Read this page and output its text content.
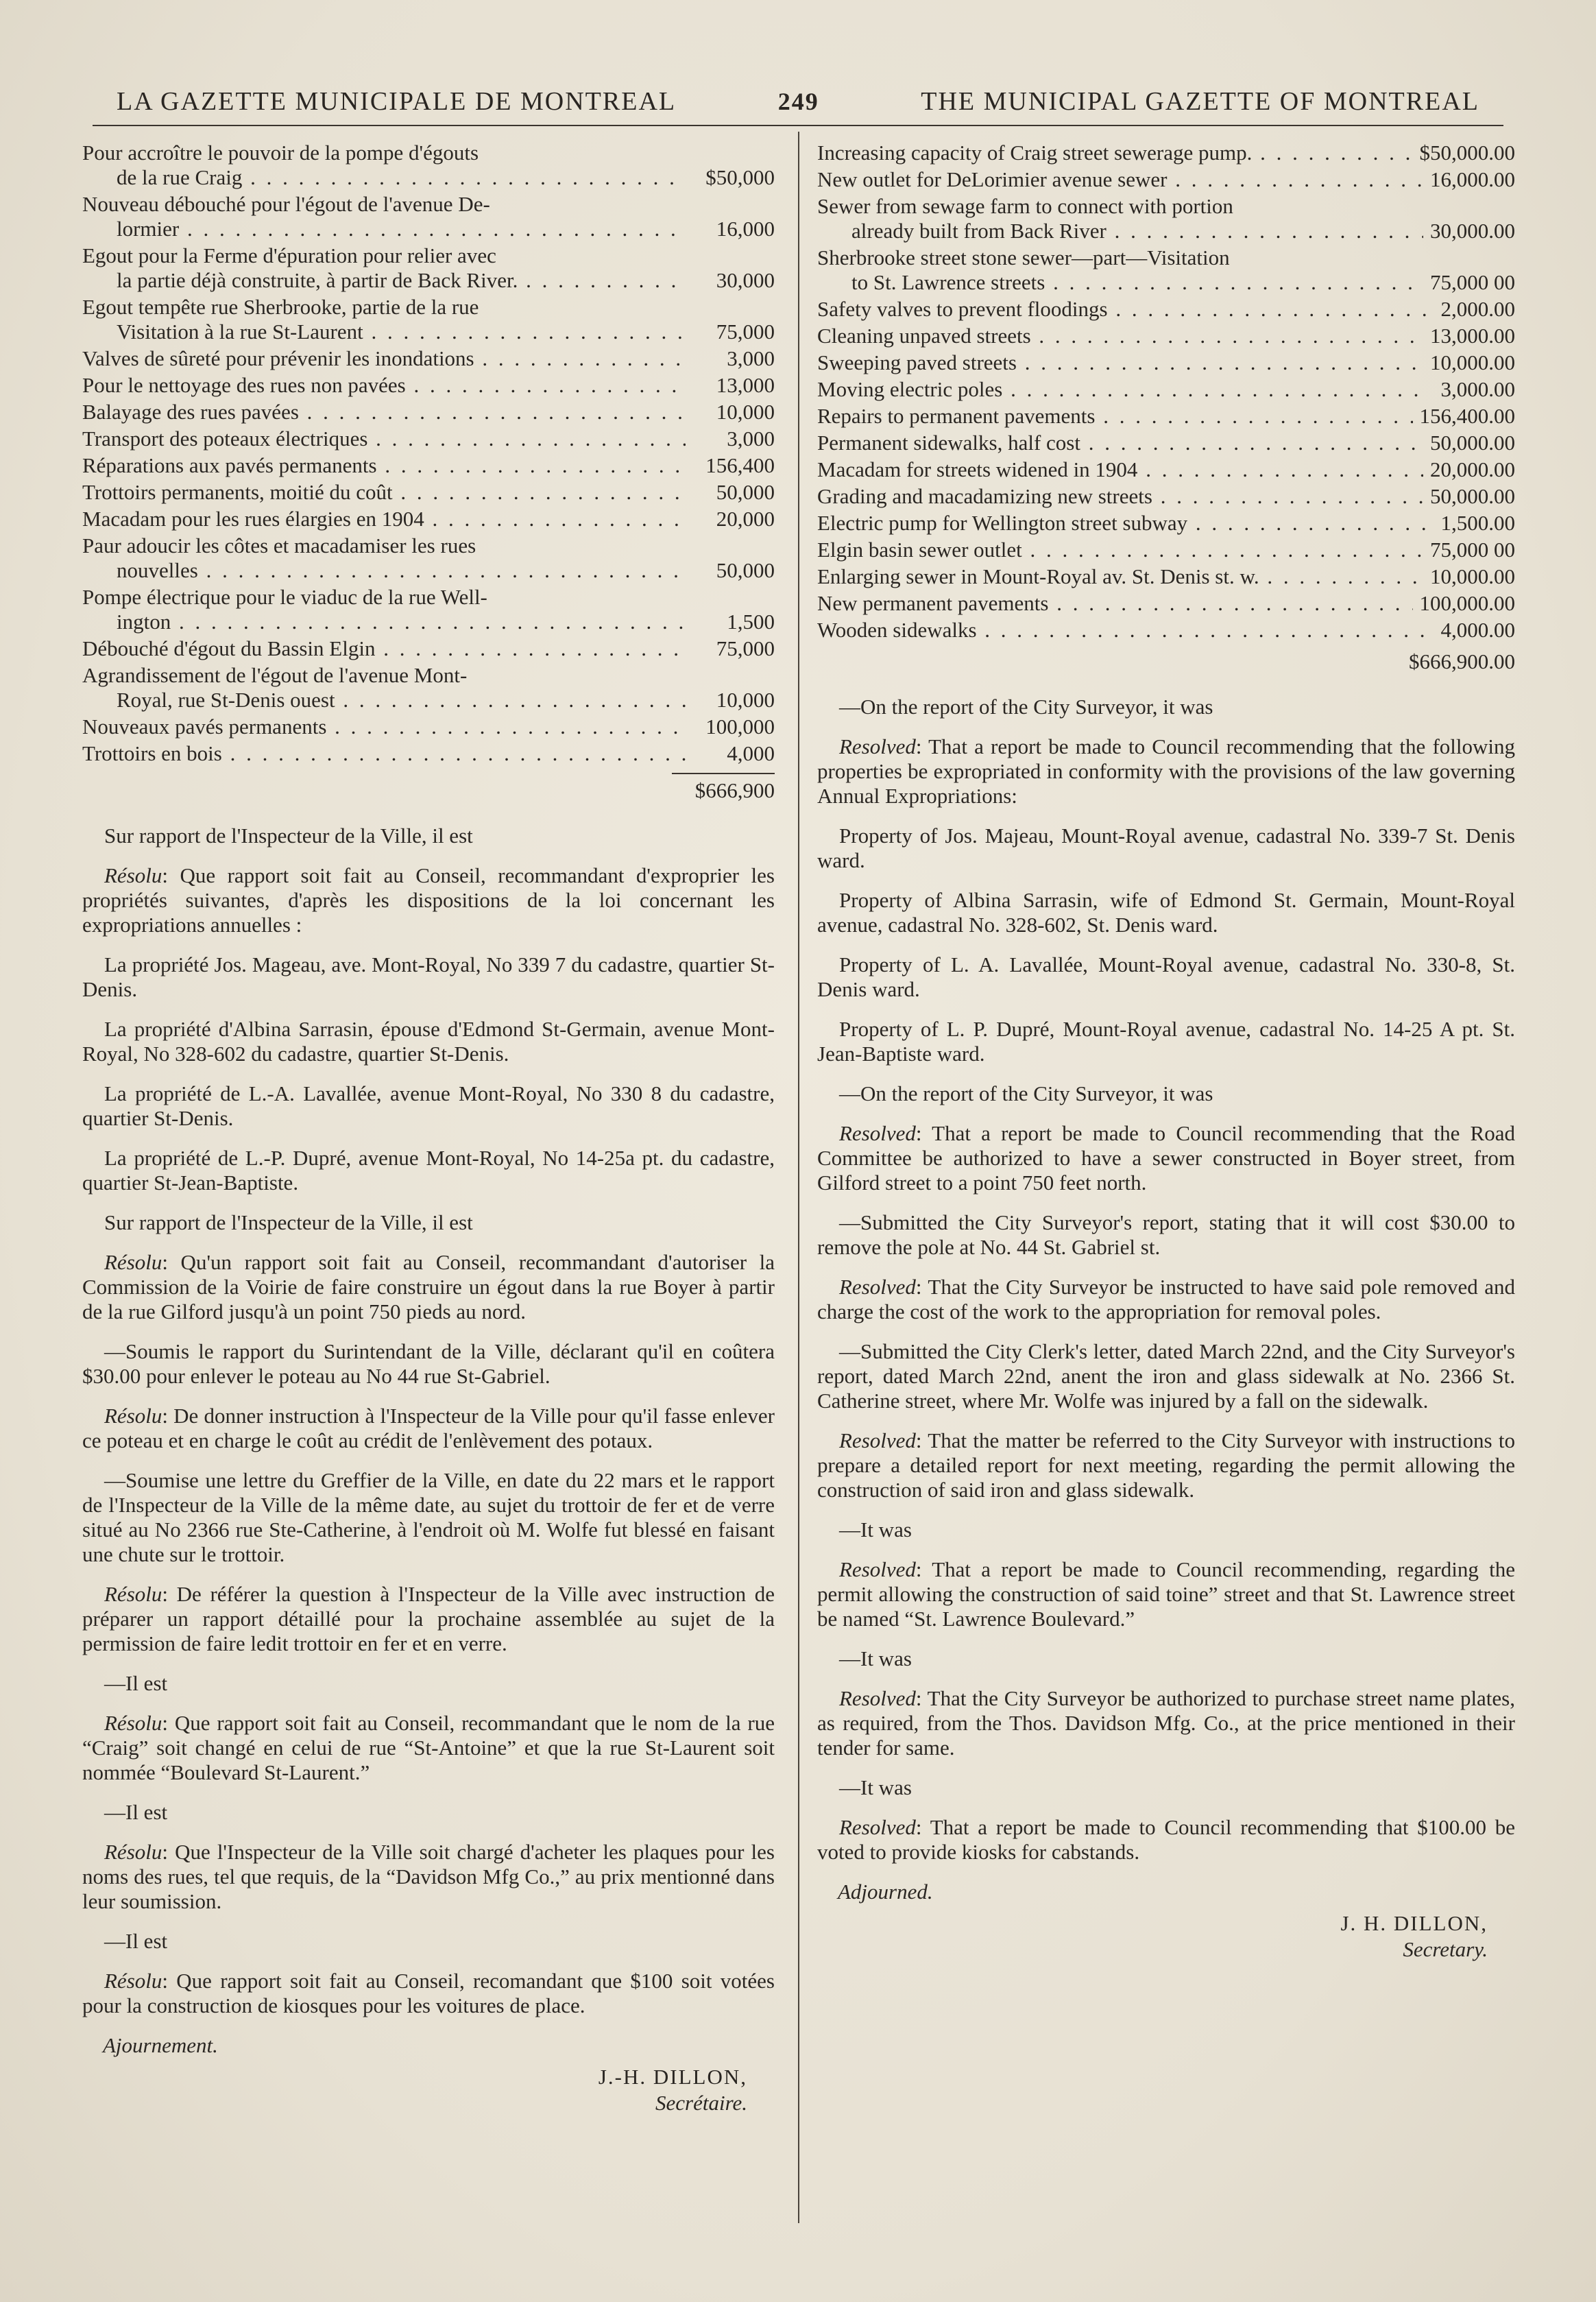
LA GAZETTE MUNICIPALE DE MONTREAL	249	THE MUNICIPAL GAZETTE OF MONTREAL
Pour accroître le pouvoir de la pompe d'égouts
de la rue Craig . . .	$50,000
Nouveau débouché pour l'égout de l'avenue De-
lormier . . .	16,000
Egout pour la Ferme d'épuration pour relier avec
la partie déjà construite, à partir de Back River. . . .	30,000
Egout tempête rue Sherbrooke, partie de la rue
Visitation à la rue St-Laurent . . .	75,000
Valves de sûreté pour prévenir les inondations . . .	3,000
Pour le nettoyage des rues non pavées . . .	13,000
Balayage des rues pavées . . .	10,000
Transport des poteaux électriques . . .	3,000
Réparations aux pavés permanents . . .	156,400
Trottoirs permanents, moitié du coût . . .	50,000
Macadam pour les rues élargies en 1904 . . .	20,000
Paur adoucir les côtes et macadamiser les rues
nouvelles . . .	50,000
Pompe électrique pour le viaduc de la rue Well-
ington . . .	1,500
Débouché d'égout du Bassin Elgin . . .	75,000
Agrandissement de l'égout de l'avenue Mont-
Royal, rue St-Denis ouest . . .	10,000
Nouveaux pavés permanents . . .	100,000
Trottoirs en bois . . .	4,000
$666,900

Sur rapport de l'Inspecteur de la Ville, il est

Résolu: Que rapport soit fait au Conseil, recommandant d'exproprier les propriétés suivantes, d'après les dispositions de la loi concernant les expropriations annuelles :

La propriété Jos. Mageau, ave. Mont-Royal, No 339 7 du cadastre, quartier St-Denis.

La propriété d'Albina Sarrasin, épouse d'Edmond St-Germain, avenue Mont-Royal, No 328-602 du cadastre, quartier St-Denis.

La propriété de L.-A. Lavallée, avenue Mont-Royal, No 330 8 du cadastre, quartier St-Denis.

La propriété de L.-P. Dupré, avenue Mont-Royal, No 14-25a pt. du cadastre, quartier St-Jean-Baptiste.

Sur rapport de l'Inspecteur de la Ville, il est

Résolu: Qu'un rapport soit fait au Conseil, recommandant d'autoriser la Commission de la Voirie de faire construire un égout dans la rue Boyer à partir de la rue Gilford jusqu'à un point 750 pieds au nord.

—Soumis le rapport du Surintendant de la Ville, déclarant qu'il en coûtera $30.00 pour enlever le poteau au No 44 rue St-Gabriel.

Résolu: De donner instruction à l'Inspecteur de la Ville pour qu'il fasse enlever ce poteau et en charge le coût au crédit de l'enlèvement des potaux.

—Soumise une lettre du Greffier de la Ville, en date du 22 mars et le rapport de l'Inspecteur de la Ville de la même date, au sujet du trottoir de fer et de verre situé au No 2366 rue Ste-Catherine, à l'endroit où M. Wolfe fut blessé en faisant une chute sur le trottoir.

Résolu: De référer la question à l'Inspecteur de la Ville avec instruction de préparer un rapport détaillé pour la prochaine assemblée au sujet de la permission de faire ledit trottoir en fer et en verre.

—Il est

Résolu: Que rapport soit fait au Conseil, recommandant que le nom de la rue “Craig” soit changé en celui de rue “St-Antoine” et que la rue St-Laurent soit nommée “Boulevard St-Laurent.”

—Il est

Résolu: Que l'Inspecteur de la Ville soit chargé d'acheter les plaques pour les noms des rues, tel que requis, de la “Davidson Mfg Co.,” au prix mentionné dans leur soumission.

—Il est

Résolu: Que rapport soit fait au Conseil, recomandant que $100 soit votées pour la construction de kiosques pour les voitures de place.

Ajournement.
J.-H. DILLON,
Secrétaire.
Increasing capacity of Craig street sewerage pump. . . .	$50,000.00
New outlet for DeLorimier avenue sewer . . .	16,000.00
Sewer from sewage farm to connect with portion
already built from Back River . . .	30,000.00
Sherbrooke street stone sewer—part—Visitation
to St. Lawrence streets . . .	75,000 00
Safety valves to prevent floodings . . .	2,000.00
Cleaning unpaved streets . . .	13,000.00
Sweeping paved streets . . .	10,000.00
Moving electric poles . . .	3,000.00
Repairs to permanent pavements . . .	156,400.00
Permanent sidewalks, half cost . . .	50,000.00
Macadam for streets widened in 1904 . . .	20,000.00
Grading and macadamizing new streets . . .	50,000.00
Electric pump for Wellington street subway . . .	1,500.00
Elgin basin sewer outlet . . .	75,000 00
Enlarging sewer in Mount-Royal av. St. Denis st. w. . . .	10,000.00
New permanent pavements . . .	100,000.00
Wooden sidewalks . . .	4,000.00
$666,900.00

—On the report of the City Surveyor, it was

Resolved: That a report be made to Council recommending that the following properties be expropriated in conformity with the provisions of the law governing Annual Expropriations:

Property of Jos. Majeau, Mount-Royal avenue, cadastral No. 339-7 St. Denis ward.

Property of Albina Sarrasin, wife of Edmond St. Germain, Mount-Royal avenue, cadastral No. 328-602, St. Denis ward.

Property of L. A. Lavallée, Mount-Royal avenue, cadastral No. 330-8, St. Denis ward.

Property of L. P. Dupré, Mount-Royal avenue, cadastral No. 14-25 A pt. St. Jean-Baptiste ward.

—On the report of the City Surveyor, it was

Resolved: That a report be made to Council recommending that the Road Committee be authorized to have a sewer constructed in Boyer street, from Gilford street to a point 750 feet north.

—Submitted the City Surveyor's report, stating that it will cost $30.00 to remove the pole at No. 44 St. Gabriel st.

Resolved: That the City Surveyor be instructed to have said pole removed and charge the cost of the work to the appropriation for removal poles.

—Submitted the City Clerk's letter, dated March 22nd, and the City Surveyor's report, dated March 22nd, anent the iron and glass sidewalk at No. 2366 St. Catherine street, where Mr. Wolfe was injured by a fall on the sidewalk.

Resolved: That the matter be referred to the City Surveyor with instructions to prepare a detailed report for next meeting, regarding the permit allowing the construction of said iron and glass sidewalk.

—It was

Resolved: That a report be made to Council recommending, regarding the permit allowing the construction of said toine” street and that St. Lawrence street be named “St. Lawrence Boulevard.”

—It was

Resolved: That the City Surveyor be authorized to purchase street name plates, as required, from the Thos. Davidson Mfg. Co., at the price mentioned in their tender for same.

—It was

Resolved: That a report be made to Council recommending that $100.00 be voted to provide kiosks for cabstands.

Adjourned.
J. H. DILLON,
Secretary.
